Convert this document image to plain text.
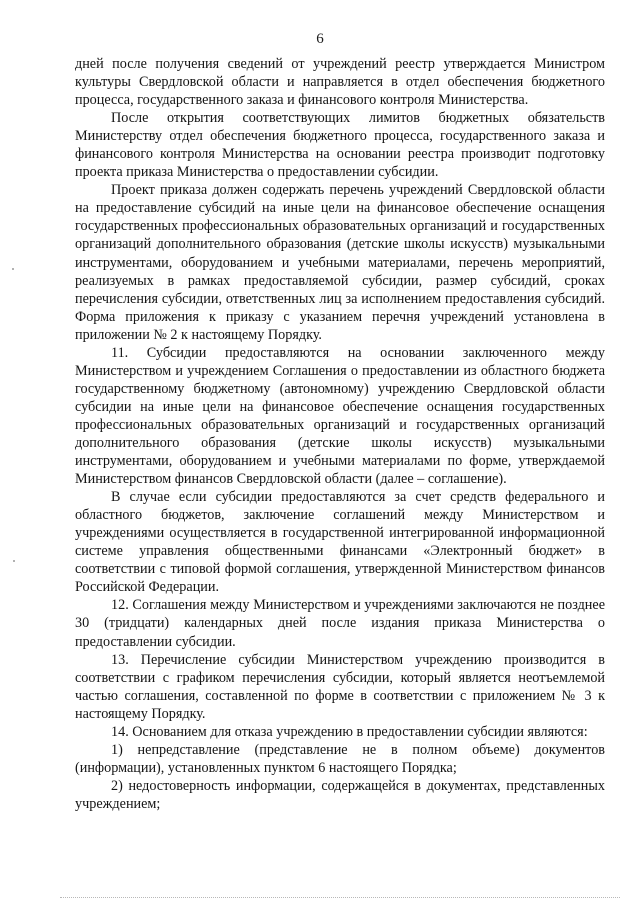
6

дней после получения сведений от учреждений реестр утверждается Министром культуры Свердловской области и направляется в отдел обеспечения бюджетного процесса, государственного заказа и финансового контроля Министерства.

После открытия соответствующих лимитов бюджетных обязательств Министерству отдел обеспечения бюджетного процесса, государственного заказа и финансового контроля Министерства на основании реестра производит подготовку проекта приказа Министерства о предоставлении субсидии.

Проект приказа должен содержать перечень учреждений Свердловской области на предоставление субсидий на иные цели на финансовое обеспечение оснащения государственных профессиональных образовательных организаций и государственных организаций дополнительного образования (детские школы искусств) музыкальными инструментами, оборудованием и учебными материалами, перечень мероприятий, реализуемых в рамках предоставляемой субсидии, размер субсидий, сроках перечисления субсидии, ответственных лиц за исполнением предоставления субсидий. Форма приложения к приказу с указанием перечня учреждений установлена в приложении № 2 к настоящему Порядку.

11. Субсидии предоставляются на основании заключенного между Министерством и учреждением Соглашения о предоставлении из областного бюджета государственному бюджетному (автономному) учреждению Свердловской области субсидии на иные цели на финансовое обеспечение оснащения государственных профессиональных образовательных организаций и государственных организаций дополнительного образования (детские школы искусств) музыкальными инструментами, оборудованием и учебными материалами по форме, утверждаемой Министерством финансов Свердловской области (далее – соглашение).

В случае если субсидии предоставляются за счет средств федерального и областного бюджетов, заключение соглашений между Министерством и учреждениями осуществляется в государственной интегрированной информационной системе управления общественными финансами «Электронный бюджет» в соответствии с типовой формой соглашения, утвержденной Министерством финансов Российской Федерации.

12. Соглашения между Министерством и учреждениями заключаются не позднее 30 (тридцати) календарных дней после издания приказа Министерства о предоставлении субсидии.

13. Перечисление субсидии Министерством учреждению производится в соответствии с графиком перечисления субсидии, который является неотъемлемой частью соглашения, составленной по форме в соответствии с приложением № 3 к настоящему Порядку.

14. Основанием для отказа учреждению в предоставлении субсидии являются:

1) непредставление (представление не в полном объеме) документов (информации), установленных пунктом 6 настоящего Порядка;

2) недостоверность информации, содержащейся в документах, представленных учреждением;
